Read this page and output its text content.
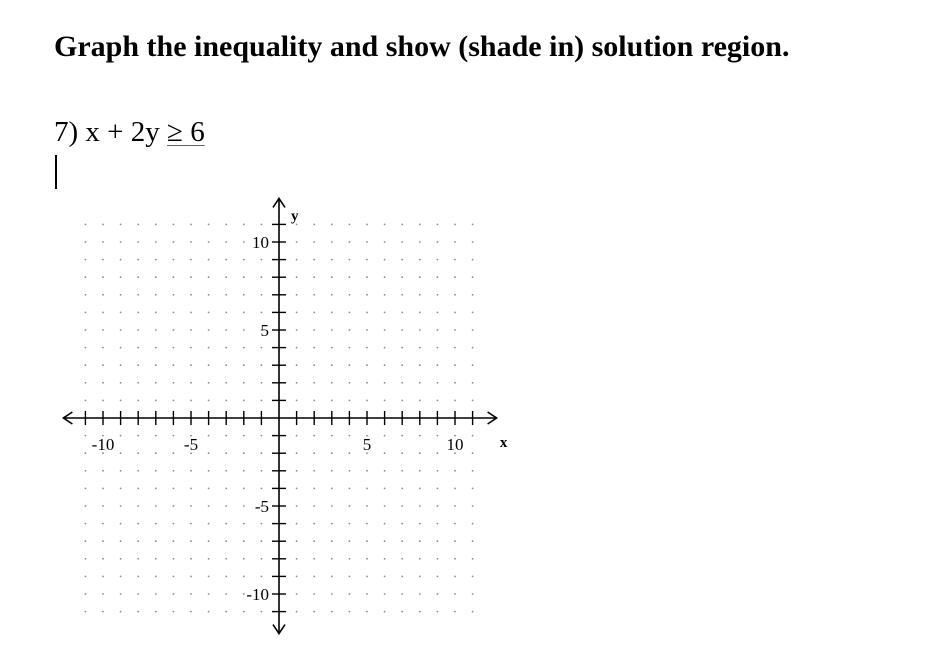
Graph the inequality and show (shade in) solution region.
7) x + 2y ≥ 6
-10	-5	5	10
10
5
-5
-10
x
y
